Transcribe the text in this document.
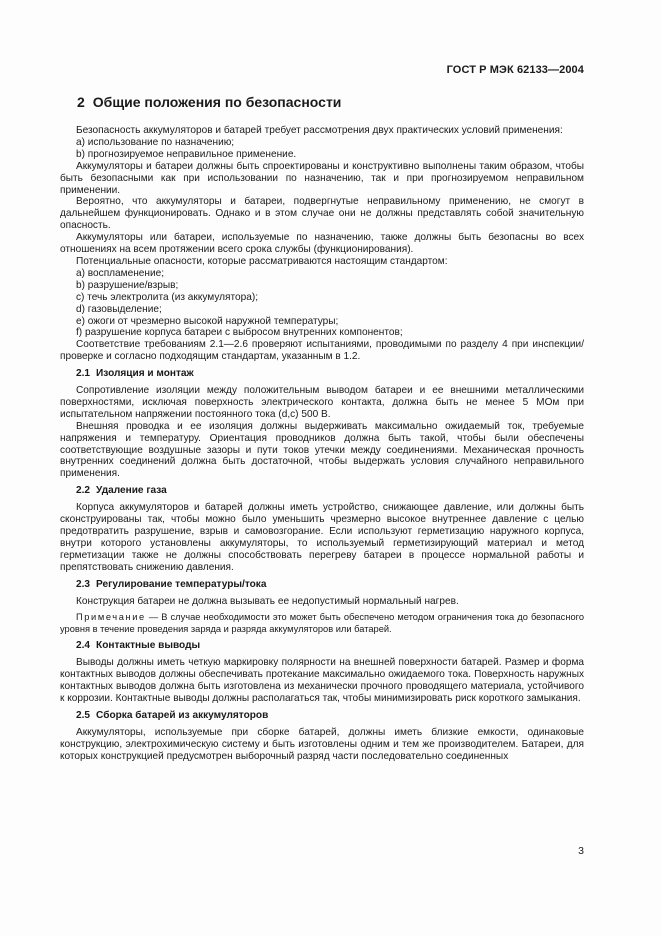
ГОСТ Р МЭК 62133—2004
2 Общие положения по безопасности

Безопасность аккумуляторов и батарей требует рассмотрения двух практических условий применения:

а) использование по назначению;

b) прогнозируемое неправильное применение.

Аккумуляторы и батареи должны быть спроектированы и конструктивно выполнены таким образом, чтобы быть безопасными как при использовании по назначению, так и при прогнозируемом неправильном применении.

Вероятно, что аккумуляторы и батареи, подвергнутые неправильному применению, не смогут в дальнейшем функционировать. Однако и в этом случае они не должны представлять собой значительную опасность.

Аккумуляторы или батареи, используемые по назначению, также должны быть безопасны во всех отношениях на всем протяжении всего срока службы (функционирования).

Потенциальные опасности, которые рассматриваются настоящим стандартом:

а) воспламенение;

b) разрушение/взрыв;

с) течь электролита (из аккумулятора);

d) газовыделение;

е) ожоги от чрезмерно высокой наружной температуры;

f) разрушение корпуса батареи с выбросом внутренних компонентов;

Соответствие требованиям 2.1—2.6 проверяют испытаниями, проводимыми по разделу 4 при инспекции/проверке и согласно подходящим стандартам, указанным в 1.2.

2.1 Изоляция и монтаж

Сопротивление изоляции между положительным выводом батареи и ее внешними металлическими поверхностями, исключая поверхность электрического контакта, должна быть не менее 5 МОм при испытательном напряжении постоянного тока (d,c) 500 В.

Внешняя проводка и ее изоляция должны выдерживать максимально ожидаемый ток, требуемые напряжения и температуру. Ориентация проводников должна быть такой, чтобы были обеспечены соответствующие воздушные зазоры и пути токов утечки между соединениями. Механическая прочность внутренних соединений должна быть достаточной, чтобы выдержать условия случайного неправильного применения.

2.2 Удаление газа

Корпуса аккумуляторов и батарей должны иметь устройство, снижающее давление, или должны быть сконструированы так, чтобы можно было уменьшить чрезмерно высокое внутреннее давление с целью предотвратить разрушение, взрыв и самовозгорание. Если используют герметизацию наружного корпуса, внутри которого установлены аккумуляторы, то используемый герметизирующий материал и метод герметизации также не должны способствовать перегреву батареи в процессе нормальной работы и препятствовать снижению давления.

2.3 Регулирование температуры/тока

Конструкция батареи не должна вызывать ее недопустимый нормальный нагрев.

Примечание — В случае необходимости это может быть обеспечено методом ограничения тока до безопасного уровня в течение проведения заряда и разряда аккумуляторов или батарей.

2.4 Контактные выводы

Выводы должны иметь четкую маркировку полярности на внешней поверхности батарей. Размер и форма контактных выводов должны обеспечивать протекание максимально ожидаемого тока. Поверхность наружных контактных выводов должна быть изготовлена из механически прочного проводящего материала, устойчивого к коррозии. Контактные выводы должны располагаться так, чтобы минимизировать риск короткого замыкания.

2.5 Сборка батарей из аккумуляторов

Аккумуляторы, используемые при сборке батарей, должны иметь близкие емкости, одинаковые конструкцию, электрохимическую систему и быть изготовлены одним и тем же производителем. Батареи, для которых конструкцией предусмотрен выборочный разряд части последовательно соединенных

3
